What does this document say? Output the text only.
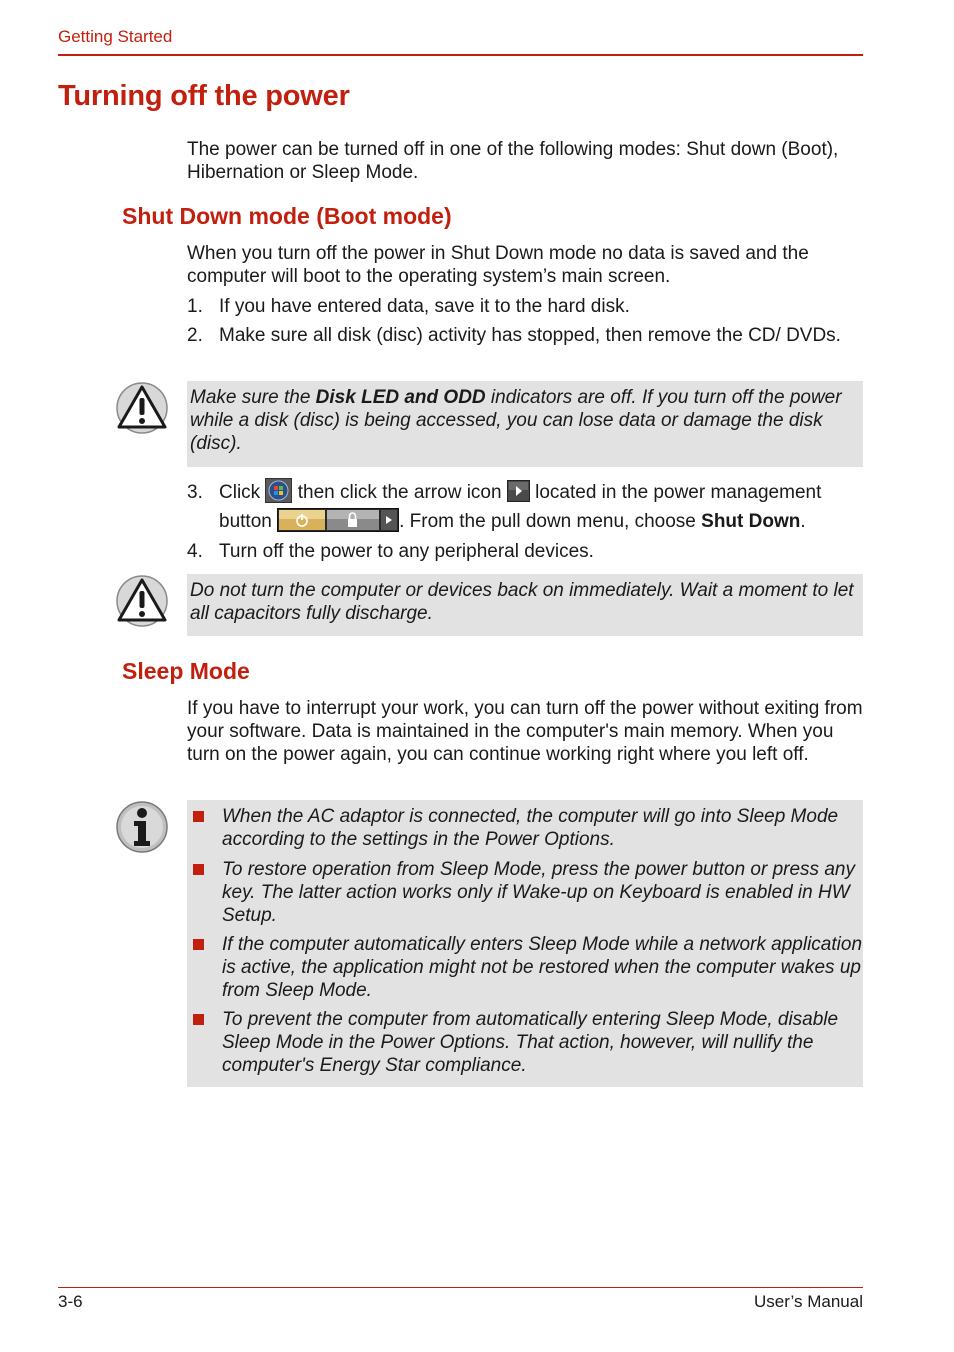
Getting Started
Turning off the power

The power can be turned off in one of the following modes: Shut down (Boot), Hibernation or Sleep Mode.

Shut Down mode (Boot mode)

When you turn off the power in Shut Down mode no data is saved and the computer will boot to the operating system’s main screen.

1. If you have entered data, save it to the hard disk.
2. Make sure all disk (disc) activity has stopped, then remove the CD/ DVDs.

Make sure the Disk LED and ODD indicators are off. If you turn off the power while a disk (disc) is being accessed, you can lose data or damage the disk (disc).

3. Click then click the arrow icon located in the power management
button	. From the pull down menu, choose Shut Down.
4. Turn off the power to any peripheral devices.

Do not turn the computer or devices back on immediately. Wait a moment to let all capacitors fully discharge.

Sleep Mode

If you have to interrupt your work, you can turn off the power without exiting from your software. Data is maintained in the computer's main memory. When you turn on the power again, you can continue working right where you left off.

When the AC adaptor is connected, the computer will go into Sleep Mode according to the settings in the Power Options.
To restore operation from Sleep Mode, press the power button or press any key. The latter action works only if Wake-up on Keyboard is enabled in HW Setup.
If the computer automatically enters Sleep Mode while a network application is active, the application might not be restored when the computer wakes up from Sleep Mode.
To prevent the computer from automatically entering Sleep Mode, disable Sleep Mode in the Power Options. That action, however, will nullify the computer's Energy Star compliance.
3-6	User’s Manual
